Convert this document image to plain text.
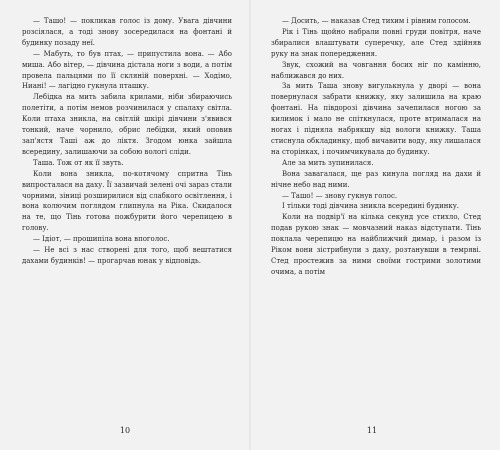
— Ташо! — покликав голос із дому. Увага дівчини розсіялася, а тоді знову зосередилася на фонтані й будинку позаду неї.

— Мабуть, то був птах, — припустила вона. — Або миша. Або вітер, — дівчина дістала ноги з води, а потім провела пальцями по її скляній поверхні. — Ходімо, Ниані! — лагідно гукнула пташку.

Лебідка на мить забила крилами, ніби збираючись полетіти, а потім немов розчинилася у спалаху світла. Коли птаха зникла, на світлій шкірі дівчини з'явився тонкий, наче чорнило, обрис лебідки, який оповив зап'ястя Таші аж до ліктя. Згодом юнка зайшла всередину, залишаючи за собою вологі сліди.

Таша. Тож от як її звуть.

Коли вона зникла, по-котячому спритна Тінь випросталася на даху. Її зазвичай зелені очі зараз стали чорними, зіниці розширилися від слабкого освітлення, і вона колючим поглядом глипнула на Ріка. Скидалося на те, що Тінь готова пожбурити його черепицею в голову.

— Ідіот, — прошипіла вона впоголос.

— Не всі з нас створені для того, щоб вештатися дахами будинків! — прогарчав юнак у відповідь.

10

— Досить, — наказав Стед тихим і рівним голосом.

Рік і Тінь щойно набрали повні груди повітря, наче збиралися влаштувати суперечку, але Стед здійняв руку на знак попередження.

Звук, схожий на човгання босих ніг по камінню, наближався до них.

За мить Таша знову вигулькнула у дворі — вона повернулася забрати книжку, яку залишила на краю фонтані. На півдорозі дівчина зачепилася ногою за килимок і мало не спіткнулася, проте втрималася на ногах і підняла набрякшу від вологи книжку. Таша стиснула обкладинку, щоб вичавити воду, яку лишалася на сторінках, і почимчикувала до будинку.

Але за мить зупинилася.

Вона завагалася, ще раз кинула погляд на дахи й нічне небо над ними.

— Ташо! — знову гукнув голос.

І тільки тоді дівчина зникла всередині будинку.

Коли на подвір'ї на кілька секунд усе стихло, Стед подав рукою знак — мовчазний наказ відступати. Тінь поклала черепицю на найближчий димар, і разом із Ріком вони зістрибнули з даху, розтанувши в темряві. Стед простежив за ними своїми гострими золотими очима, а потім

11
